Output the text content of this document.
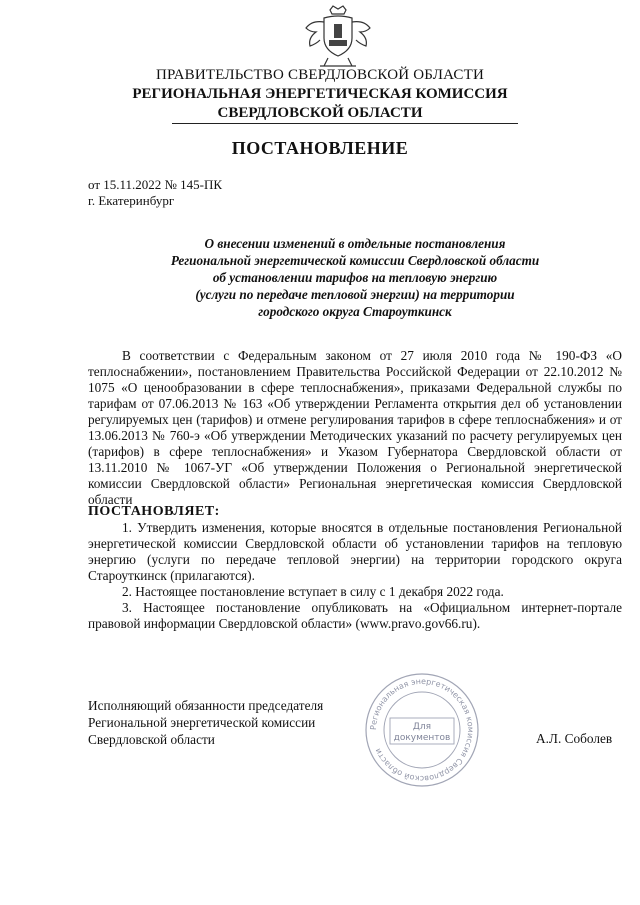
ПРАВИТЕЛЬСТВО СВЕРДЛОВСКОЙ ОБЛАСТИ
РЕГИОНАЛЬНАЯ ЭНЕРГЕТИЧЕСКАЯ КОМИССИЯ
СВЕРДЛОВСКОЙ ОБЛАСТИ
ПОСТАНОВЛЕНИЕ
от 15.11.2022 № 145-ПК
г. Екатеринбург
О внесении изменений в отдельные постановления
Региональной энергетической комиссии Свердловской области
об установлении тарифов на тепловую энергию
(услуги по передаче тепловой энергии) на территории
городского округа Староуткинск
В соответствии с Федеральным законом от 27 июля 2010 года № 190-ФЗ «О теплоснабжении», постановлением Правительства Российской Федерации от 22.10.2012 № 1075 «О ценообразовании в сфере теплоснабжения», приказами Федеральной службы по тарифам от 07.06.2013 № 163 «Об утверждении Регламента открытия дел об установлении регулируемых цен (тарифов) и отмене регулирования тарифов в сфере теплоснабжения» и от 13.06.2013 № 760-э «Об утверждении Методических указаний по расчету регулируемых цен (тарифов) в сфере теплоснабжения» и Указом Губернатора Свердловской области от 13.11.2010 № 1067-УГ «Об утверждении Положения о Региональной энергетической комиссии Свердловской области» Региональная энергетическая комиссия Свердловской области
ПОСТАНОВЛЯЕТ:
1. Утвердить изменения, которые вносятся в отдельные постановления Региональной энергетической комиссии Свердловской области об установлении тарифов на тепловую энергию (услуги по передаче тепловой энергии) на территории городского округа Староуткинск (прилагаются).
2. Настоящее постановление вступает в силу с 1 декабря 2022 года.
3. Настоящее постановление опубликовать на «Официальном интернет-портале правовой информации Свердловской области» (www.pravo.gov66.ru).
Исполняющий обязанности председателя
Региональной энергетической комиссии
Свердловской области
Региональная энергетическая комиссия Свердловской области
Для
документов	А.Л. Соболев
